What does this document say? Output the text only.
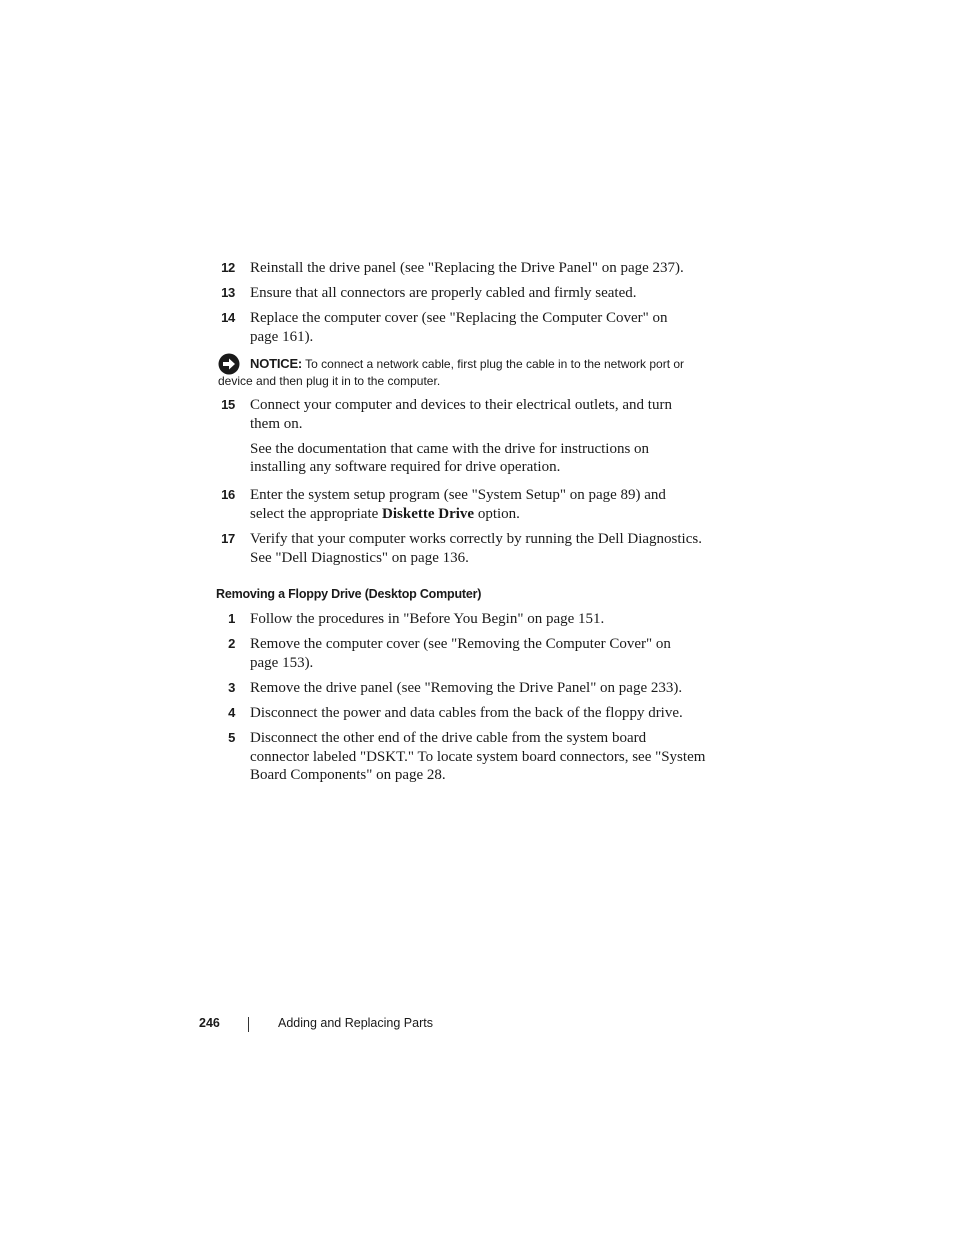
12 Reinstall the drive panel (see "Replacing the Drive Panel" on page 237).
13 Ensure that all connectors are properly cabled and firmly seated.
14 Replace the computer cover (see "Replacing the Computer Cover" on
page 161).
NOTICE: To connect a network cable, first plug the cable in to the network port or
device and then plug it in to the computer.
15 Connect your computer and devices to their electrical outlets, and turn
them on.
See the documentation that came with the drive for instructions on
installing any software required for drive operation.
16 Enter the system setup program (see "System Setup" on page 89) and
select the appropriate Diskette Drive option.
17 Verify that your computer works correctly by running the Dell Diagnostics.
See "Dell Diagnostics" on page 136.
Removing a Floppy Drive (Desktop Computer)
1 Follow the procedures in "Before You Begin" on page 151.
2 Remove the computer cover (see "Removing the Computer Cover" on
page 153).
3 Remove the drive panel (see "Removing the Drive Panel" on page 233).
4 Disconnect the power and data cables from the back of the floppy drive.
5 Disconnect the other end of the drive cable from the system board
connector labeled "DSKT." To locate system board connectors, see "System
Board Components" on page 28.
246	Adding and Replacing Parts
